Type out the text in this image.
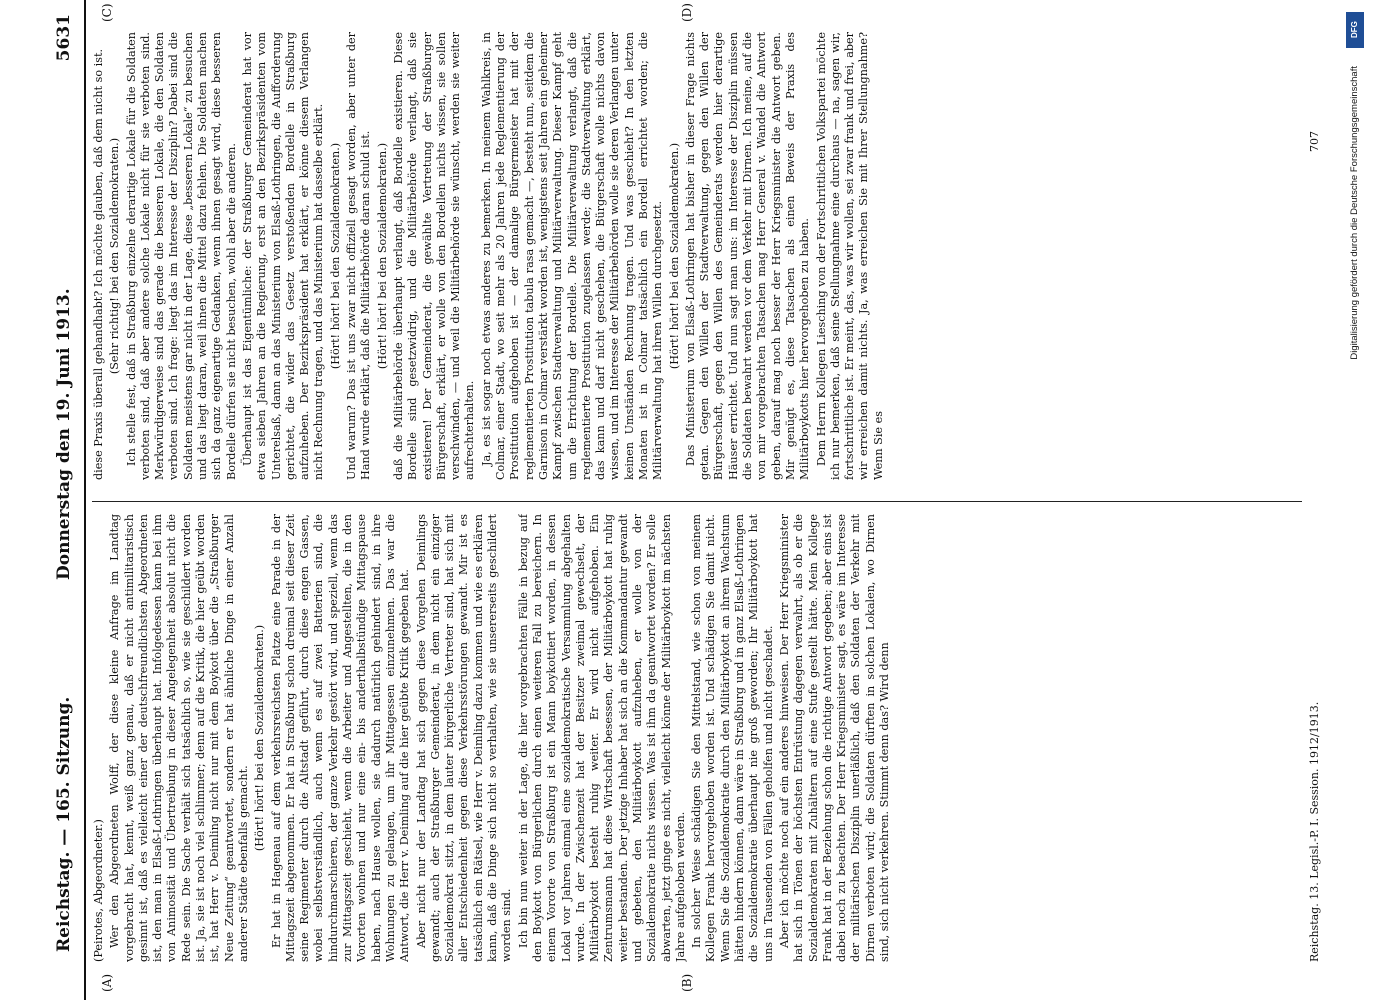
Reichstag. — 165. Sitzung.
Donnerstag den 19. Juni 1913.
5631
(A)	(B)
(C)	(D)

(Peirotes, Abgeordneter.) Wer den Abgeordneten Wolff, der diese kleine Anfrage im Landtag vorgebracht hat, kennt, weiß ganz genau, daß er nicht antimilitaristisch gesinnt ist, daß es vielleicht einer der deutschfreundlichsten Abgeordneten ist, den man in Elsaß-Lothringen überhaupt hat. Infolgedessen kann bei ihm von Animosität und Übertreibung in dieser Angelegenheit absolut nicht die Rede sein. Die Sache verhält sich tatsächlich so, wie sie geschildert worden ist. Ja, sie ist noch viel schlimmer; denn auf die Kritik, die hier geübt worden ist, hat Herr v. Deimling nicht nur mit dem Boykott über die „Straßburger Neue Zeitung“ geantwortet, sondern er hat ähnliche Dinge in einer Anzahl anderer Städte ebenfalls gemacht.

(Hört! hört! bei den Sozialdemokraten.) Er hat in Hagenau auf dem verkehrsreichsten Platze eine Parade in der Mittagszeit abgenommen. Er hat in Straßburg schon dreimal seit dieser Zeit seine Regimenter durch die Altstadt geführt, durch diese engen Gassen, wobei selbstverständlich, auch wenn es auf zwei Batterien sind, die hindurchmarschieren, der ganze Verkehr gestört wird, und speziell, wenn das zur Mittagszeit geschieht, wenn die Arbeiter und Angestellten, die in den Vororten wohnen und nur eine ein- bis anderthalbstündige Mittagspause haben, nach Hause wollen, sie dadurch natürlich gehindert sind, in ihre Wohnungen zu gelangen, um ihr Mittagessen einzunehmen. Das war die Antwort, die Herr v. Deimling auf die hier geübte Kritik gegeben hat. Aber nicht nur der Landtag hat sich gegen diese Vorgehen Deimlings gewandt; auch der Straßburger Gemeinderat, in dem nicht ein einziger Sozialdemokrat sitzt, in dem lauter bürgerliche Vertreter sind, hat sich mit aller Entschiedenheit gegen diese Verkehrsstörungen gewandt. Mir ist es tatsächlich ein Rätsel, wie Herr v. Deimling dazu kommen und wie es erklären kann, daß die Dinge sich nicht so verhalten, wie sie unsererseits geschildert worden sind. Ich bin nun weiter in der Lage, die hier vorgebrachten Fälle in bezug auf den Boykott von Bürgerlichen durch einen weiteren Fall zu bereichern. In einem Vororte von Straßburg ist ein Mann boykottiert worden, in dessen Lokal vor Jahren einmal eine sozialdemokratische Versammlung abgehalten wurde. In der Zwischenzeit hat der Besitzer zweimal gewechselt, der Militärboykott besteht ruhig weiter. Er wird nicht aufgehoben. Ein Zentrumsmann hat diese Wirtschaft besessen, der Militärboykott hat ruhig weiter bestanden. Der jetzige Inhaber hat sich an die Kommandantur gewandt und gebeten, den Militärboykott aufzuheben, er wolle von der Sozialdemokratie nichts wissen. Was ist ihm da geantwortet worden? Er solle abwarten, jetzt ginge es nicht, vielleicht könne der Militärboykott im nächsten Jahre aufgehoben werden. In solcher Weise schädigen Sie den Mittelstand, wie schon von meinem Kollegen Frank hervorgehoben worden ist. Und schädigen Sie damit nicht. Wenn Sie die Sozialdemokratie durch den Militärboykott an ihrem Wachstum hätten hindern können, dann wäre in Straßburg und in ganz Elsaß-Lothringen die Sozialdemokratie überhaupt nie groß geworden; Ihr Militärboykott hat uns in Tausenden von Fällen geholfen und nicht geschadet. Aber ich möchte noch auf ein anderes hinweisen. Der Herr Kriegsminister hat sich in Tönen der höchsten Entrüstung dagegen verwahrt, als ob er die Sozialdemokraten mit Zuhältern auf eine Stufe gestellt hätte. Mein Kollege Frank hat in der Beziehung schon die richtige Antwort gegeben; aber eins ist dabei noch zu beachten. Der Herr Kriegsminister sagt, es wäre im Interesse der militärischen Disziplin unerläßlich, daß den Soldaten der Verkehr mit Dirnen verboten wird; die Soldaten dürften in solchen Lokalen, wo Dirnen sind, sich nicht verkehren. Stimmt denn das? Wird denn

diese Praxis überall gehandhabt? Ich möchte glauben, daß dem nicht so ist. (Sehr richtig! bei den Sozialdemokraten.) Ich stelle fest, daß in Straßburg einzelne derartige Lokale für die Soldaten verboten sind, daß aber andere solche Lokale nicht für sie verboten sind. Merkwürdigerweise sind das gerade die besseren Lokale, die den Soldaten verboten sind. Ich frage: liegt das im Interesse der Disziplin? Dabei sind die Soldaten meistens gar nicht in der Lage, diese „besseren Lokale“ zu besuchen und das liegt daran, weil ihnen die Mittel dazu fehlen. Die Soldaten machen sich da ganz eigenartige Gedanken, wenn ihnen gesagt wird, diese besseren Bordelle dürfen sie nicht besuchen, wohl aber die anderen. Überhaupt ist das Eigentümliche: der Straßburger Gemeinderat hat vor etwa sieben Jahren an die Regierung, erst an den Bezirkspräsidenten vom Unterelsaß, dann an das Ministerium von Elsaß-Lothringen, die Aufforderung gerichtet, die wider das Gesetz verstoßenden Bordelle in Straßburg aufzuheben. Der Bezirkspräsident hat erklärt, er könne diesem Verlangen nicht Rechnung tragen, und das Ministerium hat dasselbe erklärt. (Hört! hört! bei den Sozialdemokraten.) Und warum? Das ist uns zwar nicht offiziell gesagt worden, aber unter der Hand wurde erklärt, daß die Militärbehörde daran schuld ist. (Hört! hört! bei den Sozialdemokraten.) daß die Militärbehörde überhaupt verlangt, daß Bordelle existieren. Diese Bordelle sind gesetzwidrig, und die Militärbehörde verlangt, daß sie existieren! Der Gemeinderat, die gewählte Vertretung der Straßburger Bürgerschaft, erklärt, er wolle von den Bordellen nichts wissen, sie sollen verschwinden, — und weil die Militärbehörde sie wünscht, werden sie weiter aufrechterhalten. Ja, es ist sogar noch etwas anderes zu bemerken. In meinem Wahlkreis, in Colmar, einer Stadt, wo seit mehr als 20 Jahren jede Reglementierung der Prostitution aufgehoben ist — der damalige Bürgermeister hat mit der reglementierten Prostitution tabula rasa gemacht —, besteht nun, seitdem die Garnison in Colmar verstärkt worden ist, wenigstens seit Jahren ein geheimer Kampf zwischen Stadtverwaltung und Militärverwaltung. Dieser Kampf geht um die Errichtung der Bordelle. Die Militärverwaltung verlangt, daß die reglementierte Prostitution zugelassen werde; die Stadtverwaltung erklärt, das kann und darf nicht geschehen, die Bürgerschaft wolle nichts davon wissen, und im Interesse der Militärbehörden wolle sie deren Verlangen unter keinen Umständen Rechnung tragen. Und was geschieht? In den letzten Monaten ist in Colmar tatsächlich ein Bordell errichtet worden; die Militärverwaltung hat ihren Willen durchgesetzt. (Hört! hört! bei den Sozialdemokraten.) Das Ministerium von Elsaß-Lothringen hat bisher in dieser Frage nichts getan. Gegen den Willen der Stadtverwaltung, gegen den Willen der Bürgerschaft, gegen den Willen des Gemeinderats werden hier derartige Häuser errichtet. Und nun sagt man uns: im Interesse der Disziplin müssen die Soldaten bewahrt werden vor dem Verkehr mit Dirnen. Ich meine, auf die von mir vorgebrachten Tatsachen mag Herr General v. Wandel die Antwort geben, darauf mag noch besser der Herr Kriegsminister die Antwort geben. Mir genügt es, diese Tatsachen als einen Beweis der Praxis des Militärboykotts hier hervorgehoben zu haben. Dem Herrn Kollegen Liesching von der Fortschrittlichen Volkspartei möchte ich nur bemerken, daß seine Stellungnahme eine durchaus — na, sagen wir, fortschrittliche ist. Er meint, das, was wir wollen, sei zwar frank und frei, aber wir erreichen damit nichts. Ja, was erreichen Sie mit Ihrer Stellungnahme? Wenn Sie es

Reichstag. 13. Legisl.-P. I. Session. 1912/1913.
707
DFG
Digitalisierung gefördert durch die Deutsche Forschungsgemeinschaft
